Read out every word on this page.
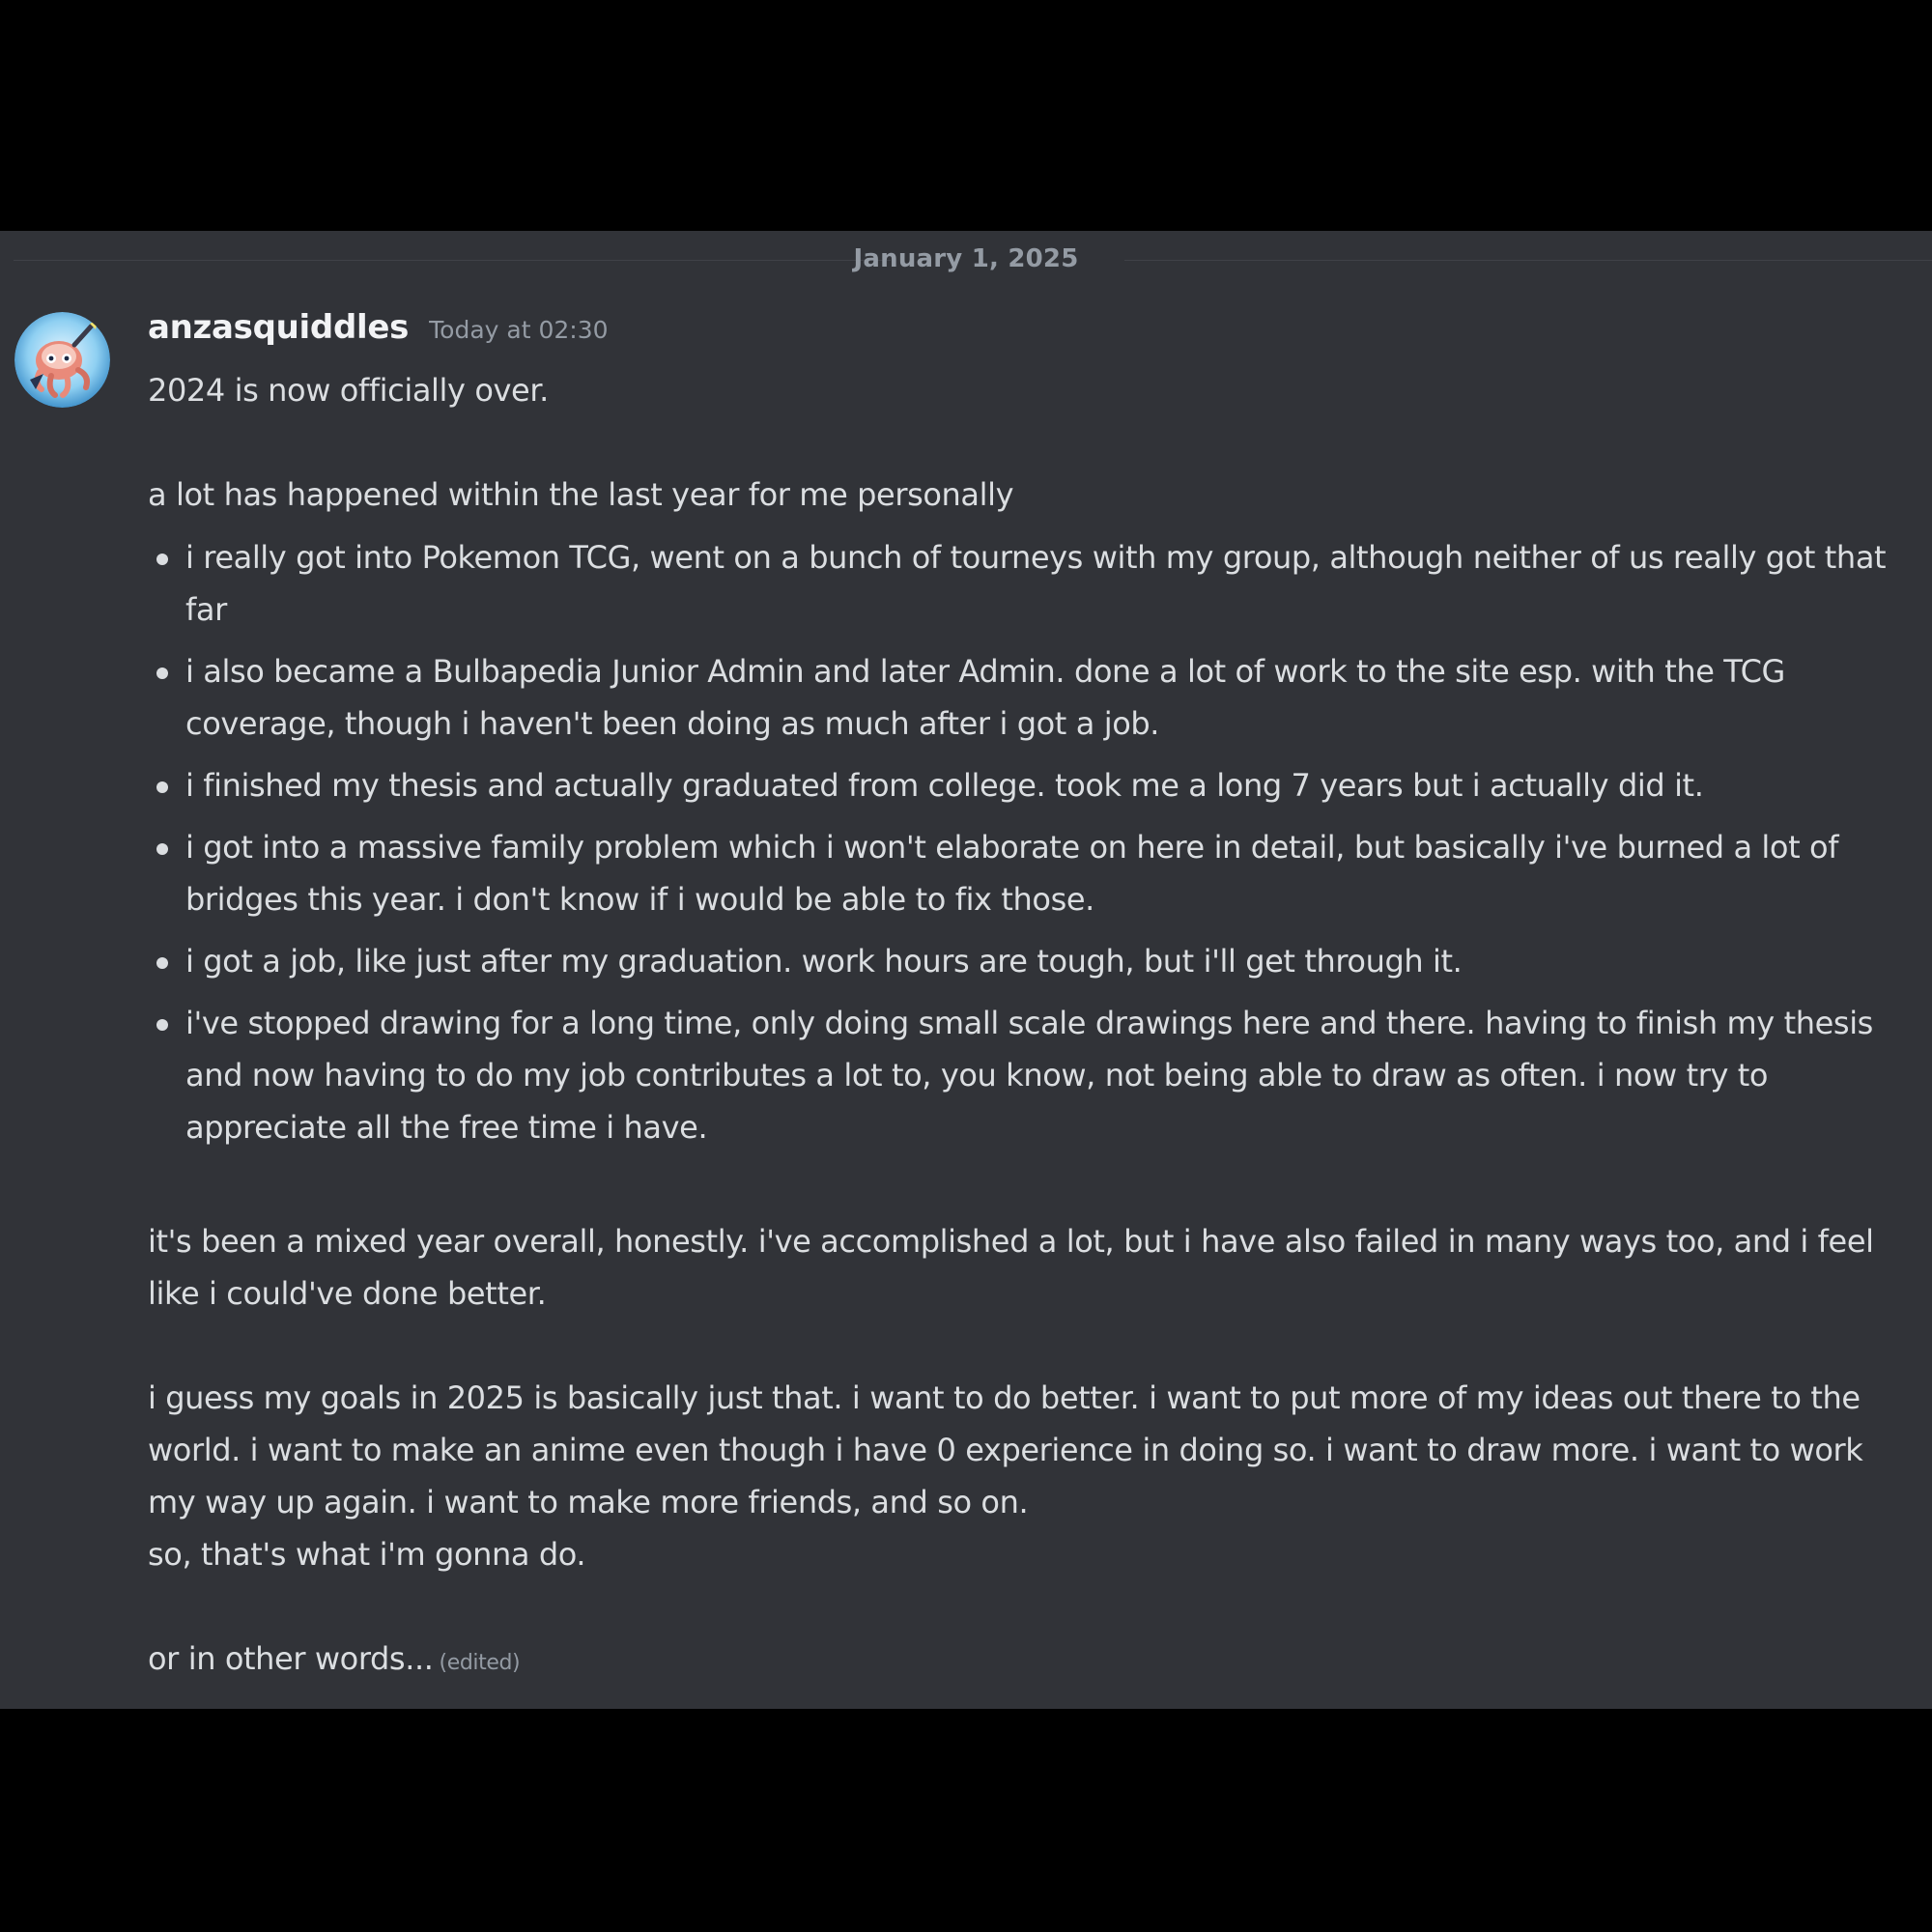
January 1, 2025
anzasquiddles Today at 02:30

2024 is now officially over.

a lot has happened within the last year for me personally

i really got into Pokemon TCG, went on a bunch of tourneys with my group, although neither of us really got that far
i also became a Bulbapedia Junior Admin and later Admin. done a lot of work to the site esp. with the TCG coverage, though i haven't been doing as much after i got a job.
i finished my thesis and actually graduated from college. took me a long 7 years but i actually did it.
i got into a massive family problem which i won't elaborate on here in detail, but basically i've burned a lot of bridges this year. i don't know if i would be able to fix those.
i got a job, like just after my graduation. work hours are tough, but i'll get through it.
i've stopped drawing for a long time, only doing small scale drawings here and there. having to finish my thesis and now having to do my job contributes a lot to, you know, not being able to draw as often. i now try to appreciate all the free time i have.

it's been a mixed year overall, honestly. i've accomplished a lot, but i have also failed in many ways too, and i feel like i could've done better.

i guess my goals in 2025 is basically just that. i want to do better. i want to put more of my ideas out there to the world. i want to make an anime even though i have 0 experience in doing so. i want to draw more. i want to work my way up again. i want to make more friends, and so on.

so, that's what i'm gonna do.

or in other words... (edited)
